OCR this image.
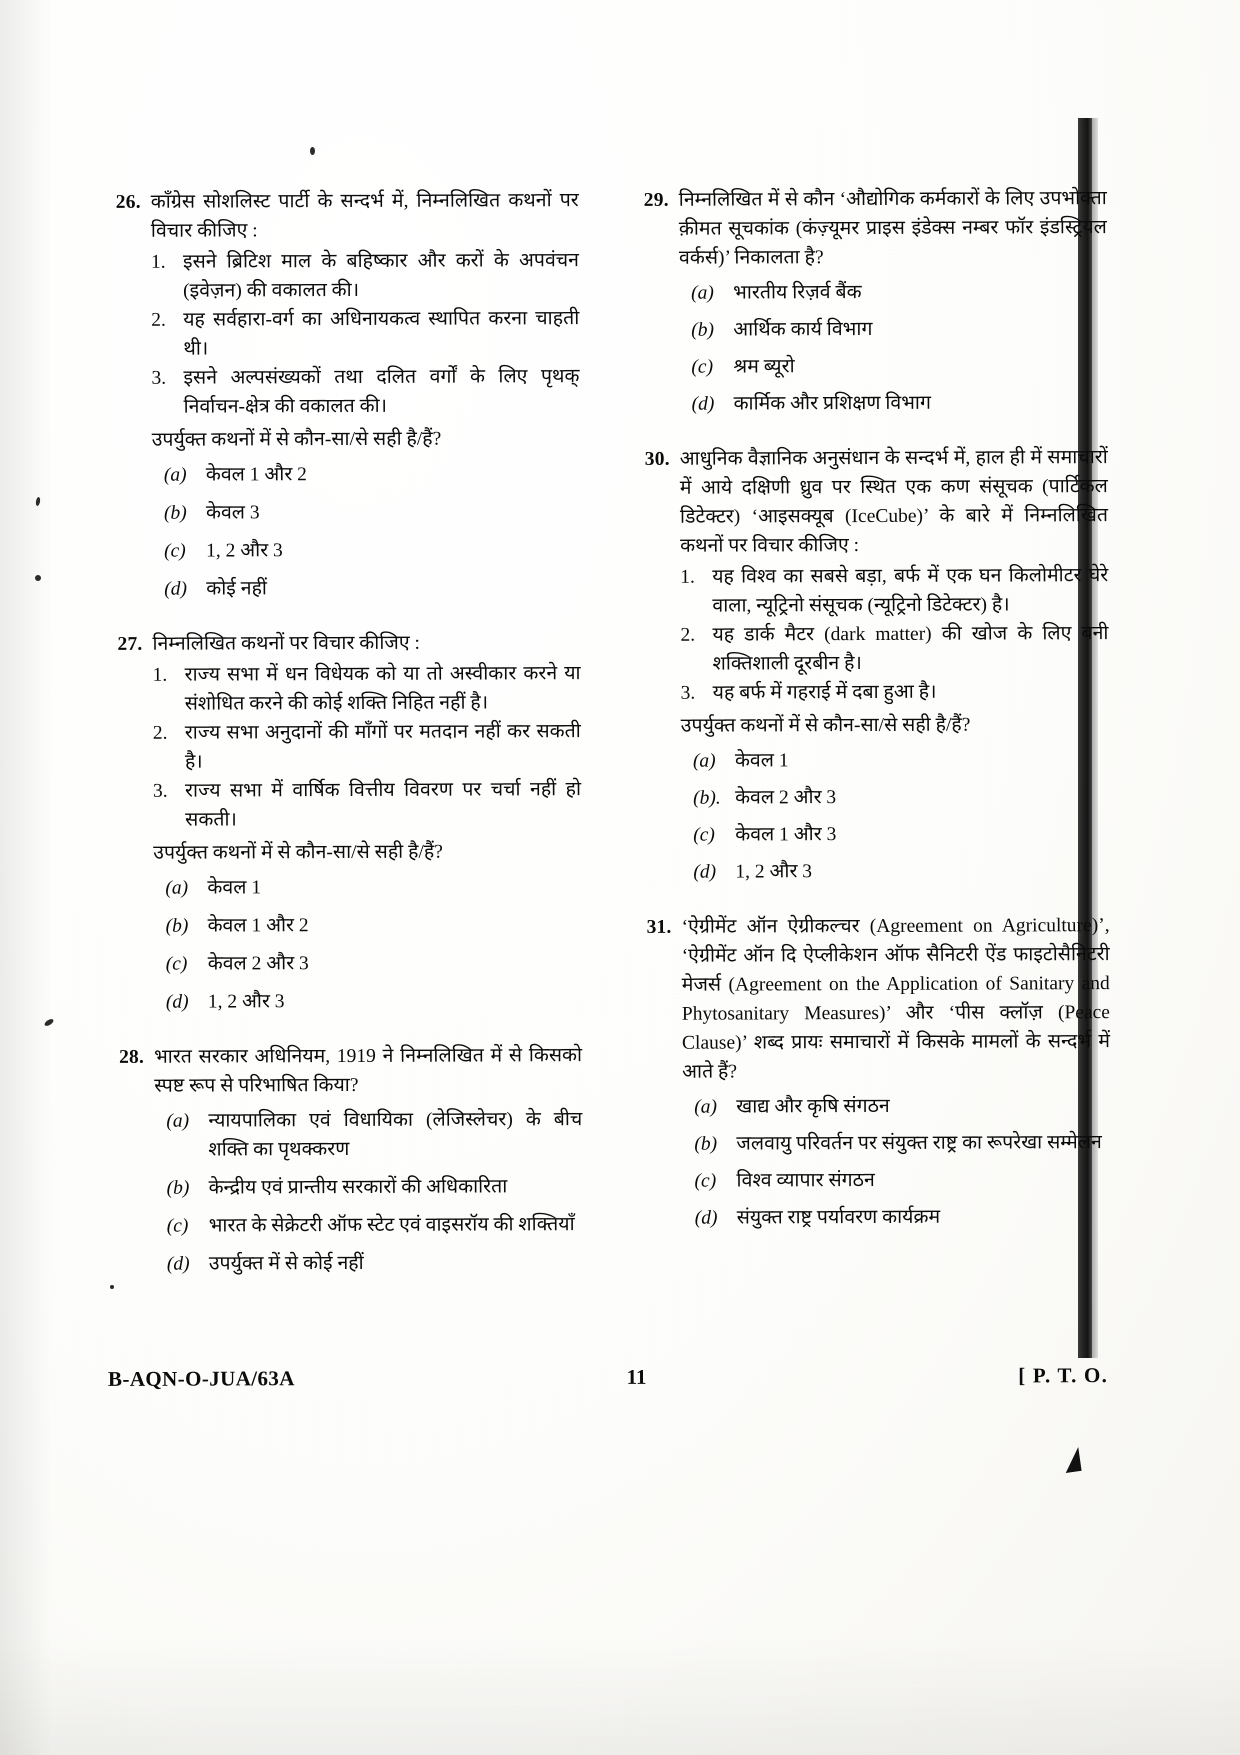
26. काँग्रेस सोशलिस्ट पार्टी के सन्दर्भ में, निम्नलिखित कथनों पर विचार कीजिए :
1. इसने ब्रिटिश माल के बहिष्कार और करों के अपवंचन (इवेज़न) की वकालत की।
2. यह सर्वहारा-वर्ग का अधिनायकत्व स्थापित करना चाहती थी।
3. इसने अल्पसंख्यकों तथा दलित वर्गों के लिए पृथक् निर्वाचन-क्षेत्र की वकालत की।
उपर्युक्त कथनों में से कौन-सा/से सही है/हैं?
(a) केवल 1 और 2
(b) केवल 3
(c)	1, 2 और 3
(d) कोई नहीं
27. निम्नलिखित कथनों पर विचार कीजिए :
1. राज्य सभा में धन विधेयक को या तो अस्वीकार करने या संशोधित करने की कोई शक्ति निहित नहीं है।
2. राज्य सभा अनुदानों की माँगों पर मतदान नहीं कर सकती है।
3. राज्य सभा में वार्षिक वित्तीय विवरण पर चर्चा नहीं हो सकती।
उपर्युक्त कथनों में से कौन-सा/से सही है/हैं?
(a) केवल 1
(b) केवल 1 और 2
(c)	केवल 2 और 3
(d) 1, 2 और 3
28. भारत सरकार अधिनियम, 1919 ने निम्नलिखित में से किसको स्पष्ट रूप से परिभाषित किया?
(a) न्यायपालिका एवं विधायिका (लेजिस्लेचर) के बीच शक्ति का पृथक्करण
(b) केन्द्रीय एवं प्रान्तीय सरकारों की अधिकारिता
(c)	भारत के सेक्रेटरी ऑफ स्टेट एवं वाइसरॉय की शक्तियाँ
(d) उपर्युक्त में से कोई नहीं
29. निम्नलिखित में से कौन ‘औद्योगिक कर्मकारों के लिए उपभोक्ता क़ीमत सूचकांक (कंज़्यूमर प्राइस इंडेक्स नम्बर फॉर इंडस्ट्रियल वर्कर्स)’ निकालता है?
(a) भारतीय रिज़र्व बैंक
(b) आर्थिक कार्य विभाग
(c)	श्रम ब्यूरो
(d) कार्मिक और प्रशिक्षण विभाग
30. आधुनिक वैज्ञानिक अनुसंधान के सन्दर्भ में, हाल ही में समाचारों में आये दक्षिणी ध्रुव पर स्थित एक कण संसूचक (पार्टिकल डिटेक्टर) ‘आइसक्यूब (IceCube)’ के बारे में निम्नलिखित कथनों पर विचार कीजिए :
1. यह विश्व का सबसे बड़ा, बर्फ में एक घन किलोमीटर घेरे वाला, न्यूट्रिनो संसूचक (न्यूट्रिनो डिटेक्टर) है।
2. यह डार्क मैटर (dark matter) की खोज के लिए बनी शक्तिशाली दूरबीन है।
3. यह बर्फ में गहराई में दबा हुआ है।
उपर्युक्त कथनों में से कौन-सा/से सही है/हैं?
(a) केवल 1
(b). केवल 2 और 3
(c)	केवल 1 और 3
(d) 1, 2 और 3
31. ‘ऐग्रीमेंट ऑन ऐग्रीकल्चर (Agreement on Agriculture)’, ‘ऐग्रीमेंट ऑन दि ऐप्लीकेशन ऑफ सैनिटरी ऐंड फाइटोसैनिटरी मेजर्स (Agreement on the Application of Sanitary and Phytosanitary Measures)’ और ‘पीस क्लॉज़ (Peace Clause)’ शब्द प्रायः समाचारों में किसके मामलों के सन्दर्भ में आते हैं?
(a) खाद्य और कृषि संगठन
(b) जलवायु परिवर्तन पर संयुक्त राष्ट्र का रूपरेखा सम्मेलन
(c)	विश्व व्यापार संगठन
(d) संयुक्त राष्ट्र पर्यावरण कार्यक्रम
B-AQN-O-JUA/63A	11	[ P. T. O.
